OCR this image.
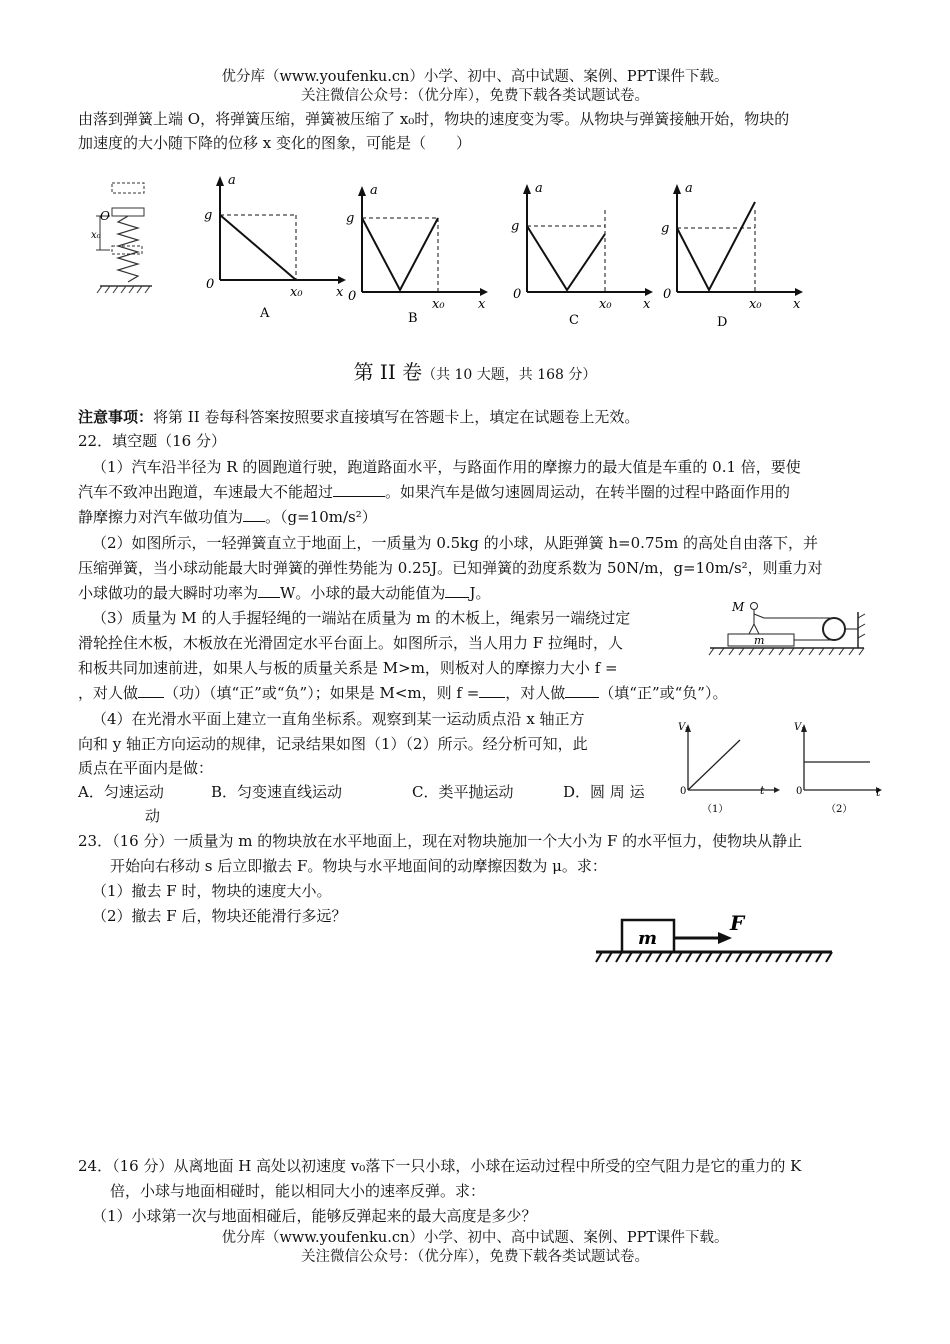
优分库（www.youfenku.cn）小学、初中、高中试题、案例、PPT课件下载。
关注微信公众号：（优分库），免费下载各类试题试卷。
由落到弹簧上端 O，将弹簧压缩，弹簧被压缩了 x₀时，物块的速度变为零。从物块与弹簧接触开始，物块的
加速度的大小随下降的位移 x 变化的图象，可能是（　　）
O
x₀
a
g
0
x₀	x
A
a
g
0
x₀	x
B
a
g
0
x₀ x
C
a
g
0
x₀ x
D
第 II 卷（共 10 大题，共 168 分）
注意事项：将第 II 卷每科答案按照要求直接填写在答题卡上，填定在试题卷上无效。
22．填空题（16 分）
（1）汽车沿半径为 R 的圆跑道行驶，跑道路面水平，与路面作用的摩擦力的最大值是车重的 0.1 倍，要使
汽车不致冲出跑道，车速最大不能超过	。如果汽车是做匀速圆周运动，在转半圈的过程中路面作用的
静摩擦力对汽车做功值为 。（g=10m/s²）
（2）如图所示，一轻弹簧直立于地面上，一质量为 0.5kg 的小球，从距弹簧 h=0.75m 的高处自由落下，并
压缩弹簧，当小球动能最大时弹簧的弹性势能为 0.25J。已知弹簧的劲度系数为 50N/m，g=10m/s²，则重力对
小球做功的最大瞬时功率为 W。小球的最大动能值为 J。
（3）质量为 M 的人手握轻绳的一端站在质量为 m 的木板上，绳索另一端绕过定
滑轮拴住木板，木板放在光滑固定水平台面上。如图所示，当人用力 F 拉绳时，人
和板共同加速前进，如果人与板的质量关系是 M>m，则板对人的摩擦力大小 f =
，对人做 （功）（填“正”或“负”）；如果是 M<m，则 f = ，对人做 （填“正”或“负”）。
M
m
（4）在光滑水平面上建立一直角坐标系。观察到某一运动质点沿 x 轴正方
向和 y 轴正方向运动的规律，记录结果如图（1）（2）所示。经分析可知，此
质点在平面内是做：
A．匀速运动	B．匀变速直线运动	C．类平抛运动	D．圆 周 运
动
Vₓ
0	t
（1）
Vᵧ
0	t
（2）
23．（16 分）一质量为 m 的物块放在水平地面上，现在对物块施加一个大小为 F 的水平恒力，使物块从静止
开始向右移动 s 后立即撤去 F。物块与水平地面间的动摩擦因数为 μ。求：
（1）撤去 F 时，物块的速度大小。
（2）撤去 F 后，物块还能滑行多远？
m
F
24．（16 分）从离地面 H 高处以初速度 v₀落下一只小球，小球在运动过程中所受的空气阻力是它的重力的 K
倍，小球与地面相碰时，能以相同大小的速率反弹。求：
（1）小球第一次与地面相碰后，能够反弹起来的最大高度是多少？
优分库（www.youfenku.cn）小学、初中、高中试题、案例、PPT课件下载。
关注微信公众号：（优分库），免费下载各类试题试卷。
